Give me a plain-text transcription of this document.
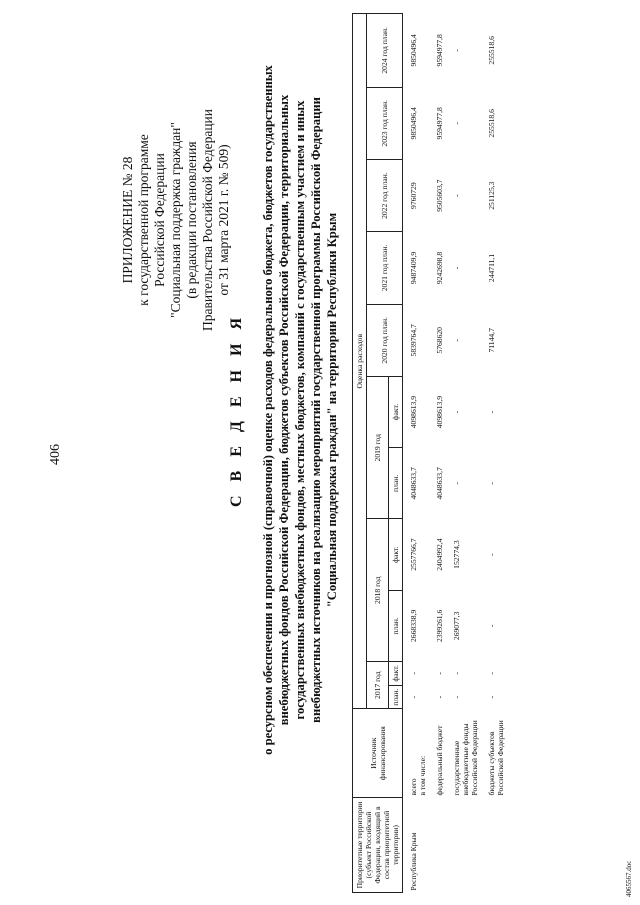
406
ПРИЛОЖЕНИЕ № 28 к государственной программе Российской Федерации "Социальная поддержка граждан" (в редакции постановления Правительства Российской Федерации от 31 марта 2021 г. № 509)
С В Е Д Е Н И Я о ресурсном обеспечении и прогнозной (справочной) оценке расходов федерального бюджета, бюджетов государственных внебюджетных фондов Российской Федерации, бюджетов субъектов Российской Федерации, территориальных государственных внебюджетных фондов, местных бюджетов, компаний с государственным участием и иных внебюджетных источников на реализацию мероприятий государственной программы Российской Федерации "Социальная поддержка граждан" на территории Республики Крым
Приоритетные территории (субъект Российской Федерации, входящий в состав приоритетной территории)	Источник финансирования	Оценка расходов										
		2017 год		2018 год		2019 год		2020 год план.	2021 год план.	2022 год план.	2023 год план.	2024 год план.
		план.	факт.	план.	факт.	план.	факт.					
Республика Крым	всего в том числе:	-	-	2668338,9	2557766,7	4048633,7	4098613,9	5839764,7	9487409,9	9760729	9850496,4	9850496,4

	федеральный бюджет	-	-	2399261,6	2404992,4	4048633,7	4098613,9	5768620	9242698,8	9505603,7	9594977,8	9594977,8

	государственные внебюджетные фонды Российской Федерации	-	-	269077,3	152774,3	-	-	-	-	-	-	-

	бюджеты субъектов Российской Федерации	-	-	-	-	-	-	71144,7	244711,1	251125,3	255518,6	255518,6
4065567.doc
